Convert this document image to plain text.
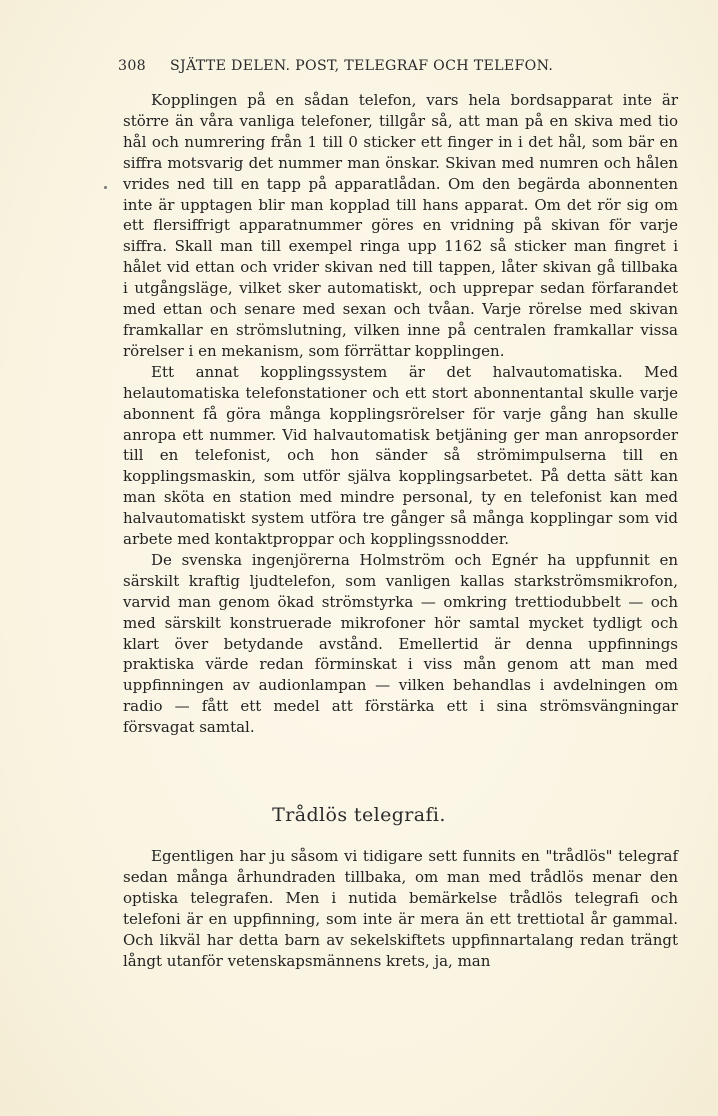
308 SJÄTTE DELEN. POST, TELEGRAF OCH TELEFON.

Kopplingen på en sådan telefon, vars hela bordsapparat inte är större än våra vanliga telefoner, tillgår så, att man på en skiva med tio hål och numrering från 1 till 0 sticker ett finger in i det hål, som bär en siffra motsvarig det nummer man önskar. Skivan med numren och hålen vrides ned till en tapp på apparatlådan. Om den begärda abonnenten inte är upptagen blir man kopplad till hans apparat. Om det rör sig om ett flersiffrigt apparatnummer göres en vridning på skivan för varje siffra. Skall man till exempel ringa upp 1162 så sticker man fingret i hålet vid ettan och vrider skivan ned till tappen, låter skivan gå tillbaka i utgångsläge, vilket sker automatiskt, och upprepar sedan förfarandet med ettan och senare med sexan och tvåan. Varje rörelse med skivan framkallar en strömslutning, vilken inne på centralen framkallar vissa rörelser i en mekanism, som förrättar kopplingen.

Ett annat kopplingssystem är det halvautomatiska. Med helautomatiska telefonstationer och ett stort abonnentantal skulle varje abonnent få göra många kopplingsrörelser för varje gång han skulle anropa ett nummer. Vid halvautomatisk betjäning ger man anropsorder till en telefonist, och hon sänder så strömimpulserna till en kopplingsmaskin, som utför själva kopplingsarbetet. På detta sätt kan man sköta en station med mindre personal, ty en telefonist kan med halvautomatiskt system utföra tre gånger så många kopplingar som vid arbete med kontaktproppar och kopplingssnodder.

De svenska ingenjörerna Holmström och Egnér ha uppfunnit en särskilt kraftig ljudtelefon, som vanligen kallas starkströmsmikrofon, varvid man genom ökad strömstyrka — omkring trettiodubbelt — och med särskilt konstruerade mikrofoner hör samtal mycket tydligt och klart över betydande avstånd. Emellertid är denna uppfinnings praktiska värde redan förminskat i viss mån genom att man med uppfinningen av audionlampan — vilken behandlas i avdelningen om radio — fått ett medel att förstärka ett i sina strömsvängningar försvagat samtal.

Trådlös telegrafi.

Egentligen har ju såsom vi tidigare sett funnits en "trådlös" telegraf sedan många århundraden tillbaka, om man med trådlös menar den optiska telegrafen. Men i nutida bemärkelse trådlös telegrafi och telefoni är en uppfinning, som inte är mera än ett trettiotal år gammal. Och likväl har detta barn av sekelskiftets uppfinnartalang redan trängt långt utanför vetenskapsmännens krets, ja, man
